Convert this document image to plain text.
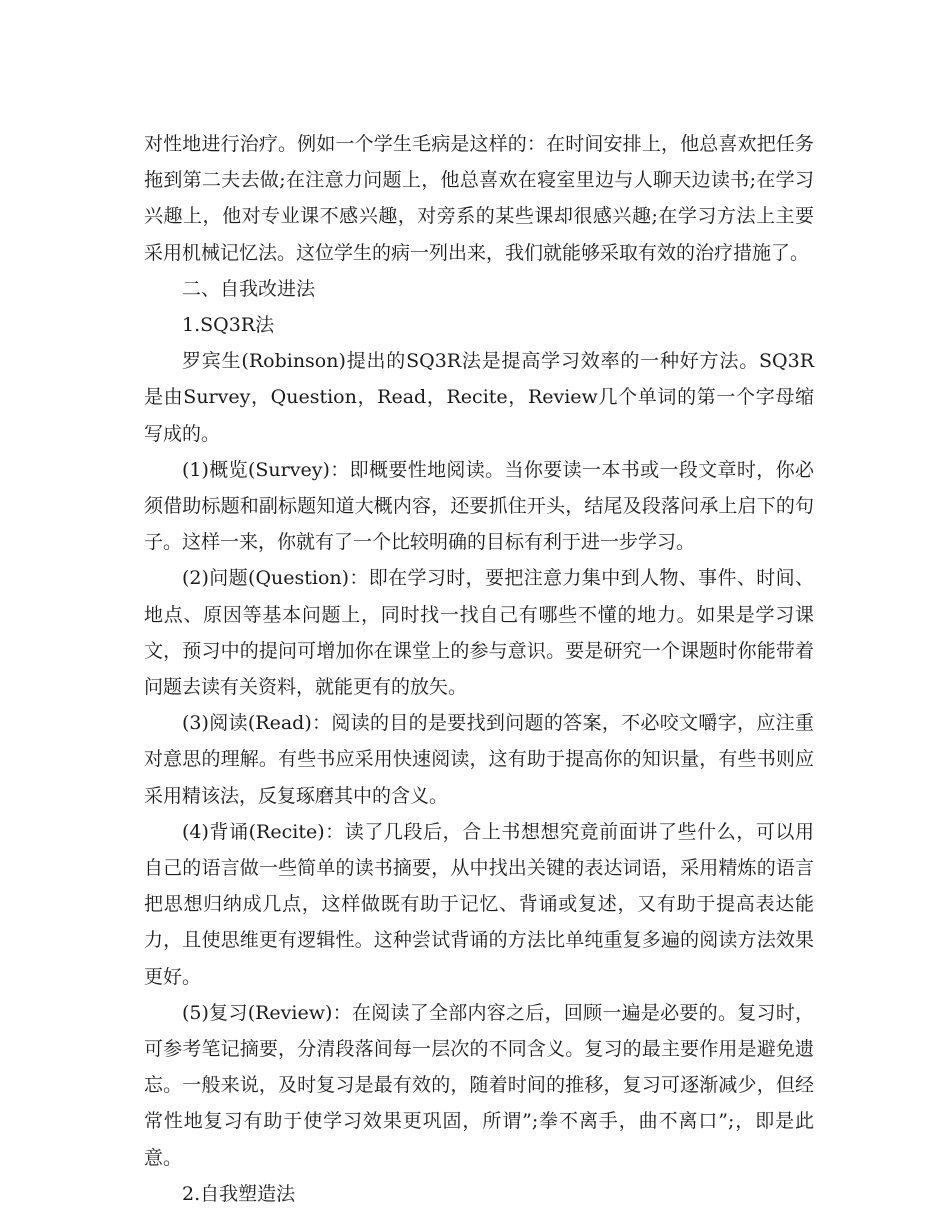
对性地进行治疗。例如一个学生毛病是这样的：在时间安排上，他总喜欢把任务拖到第二夫去做;在注意力问题上，他总喜欢在寝室里边与人聊天边读书;在学习兴趣上，他对专业课不感兴趣，对旁系的某些课却很感兴趣;在学习方法上主要采用机械记忆法。这位学生的病一列出来，我们就能够采取有效的治疗措施了。

二、自我改进法

1.SQ3R法

罗宾生(Robinson)提出的SQ3R法是提高学习效率的一种好方法。SQ3R是由Survey，Question，Read，Recite，Review几个单词的第一个字母缩写成的。

(1)概览(Survey)：即概要性地阅读。当你要读一本书或一段文章时，你必须借助标题和副标题知道大概内容，还要抓住开头，结尾及段落问承上启下的句子。这样一来，你就有了一个比较明确的目标有利于进一步学习。

(2)问题(Question)：即在学习时，要把注意力集中到人物、事件、时间、地点、原因等基本问题上，同时找一找自己有哪些不懂的地力。如果是学习课文，预习中的提问可增加你在课堂上的参与意识。要是研究一个课题时你能带着问题去读有关资料，就能更有的放矢。

(3)阅读(Read)：阅读的目的是要找到问题的答案，不必咬文嚼字，应注重对意思的理解。有些书应采用快速阅读，这有助于提高你的知识量，有些书则应采用精该法，反复琢磨其中的含义。

(4)背诵(Recite)：读了几段后，合上书想想究竟前面讲了些什么，可以用自己的语言做一些简单的读书摘要，从中找出关键的表达词语，采用精炼的语言把思想归纳成几点，这样做既有助于记忆、背诵或复述，又有助于提高表达能力，且使思维更有逻辑性。这种尝试背诵的方法比单纯重复多遍的阅读方法效果更好。

(5)复习(Review)：在阅读了全部内容之后，回顾一遍是必要的。复习时，可参考笔记摘要，分清段落间每一层次的不同含义。复习的最主要作用是避免遗忘。一般来说，及时复习是最有效的，随着时间的推移，复习可逐渐减少，但经常性地复习有助于使学习效果更巩固，所谓”;拳不离手，曲不离口”;，即是此意。

2.自我塑造法
